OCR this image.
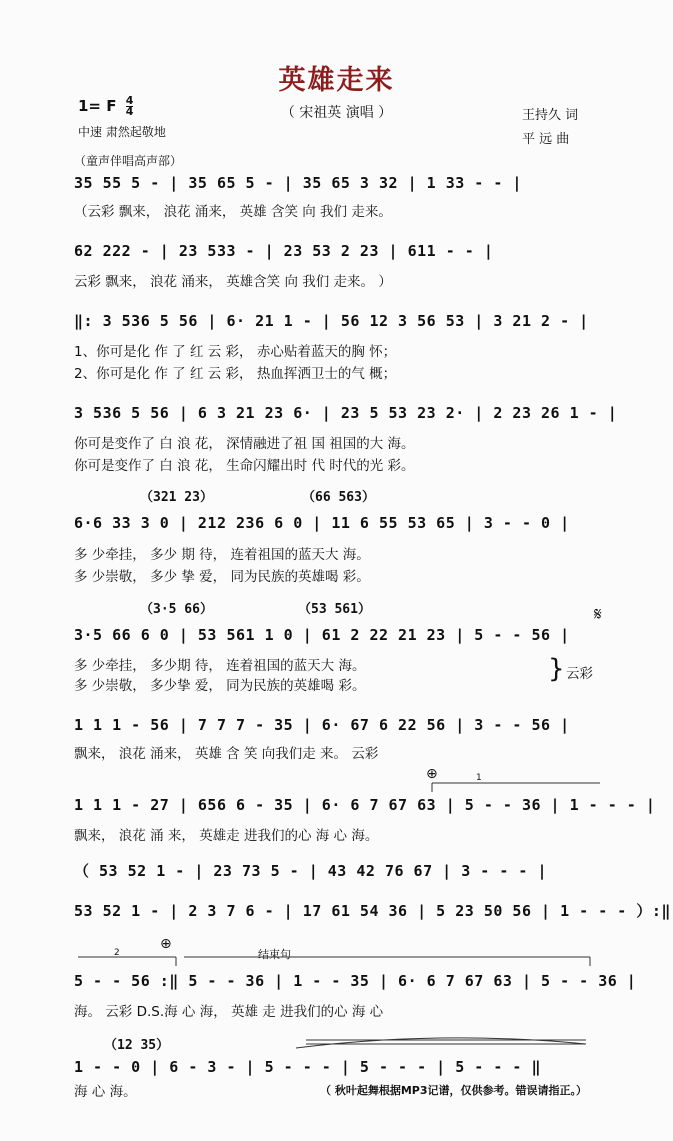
英雄走来
（ 宋祖英 演唱 ）
1= F $\frac{4}{4}$
中速 肃然起敬地
王持久 词
平 远 曲
（童声伴唱高声部）
35 55 5 - | 35 65 5 - | 35 65 3 32 | 1 33 - - |
（云彩 飘来， 浪花 涌来， 英雄 含笑 向 我们 走来。
62 222 - | 23 533 - | 23 53 2 23 | 611 - - |
云彩 飘来， 浪花 涌来， 英雄含笑 向 我们 走来。 ）
‖: 3 536 5 56 | 6· 21 1 - | 56 12 3 56 53 | 3 21 2 - |
1、你可是化 作 了 红 云 彩， 赤心贴着蓝天的胸 怀；
2、你可是化 作 了 红 云 彩， 热血挥洒卫士的气 概；
3 536 5 56 | 6 3 21 23 6· | 23 5 53 23 2· | 2 23 26 1 - |
你可是变作了 白 浪 花， 深情融进了祖 国 祖国的大 海。
你可是变作了 白 浪 花， 生命闪耀出时 代 时代的光 彩。
（321 23）	（66 563）
6·6 33 3 0 | 212 236 6 0 | 11 6 55 53 65 | 3 - - 0 |
多 少牵挂， 多少 期 待， 连着祖国的蓝天大 海。
多 少崇敬， 多少 挚 爱， 同为民族的英雄喝 彩。
（3·5 66）	（53 561）	𝄋
3·5 66 6 0 | 53 561 1 0 | 61 2 22 21 23 | 5 - - 56 |
多 少牵挂， 多少期 待， 连着祖国的蓝天大 海。
多 少崇敬， 多少挚 爱， 同为民族的英雄喝 彩。
} 云彩
1 1 1 - 56 | 7 7 7 - 35 | 6· 67 6 22 56 | 3 - - 56 |
飘来， 浪花 涌来， 英雄 含 笑 向我们走 来。 云彩
⊕	1
1 1 1 - 27 | 656 6 - 35 | 6· 6 7 67 63 | 5 - - 36 | 1 - - - |
飘来， 浪花 涌 来， 英雄走 进我们的心 海 心 海。
（ 53 52 1 - | 23 73 5 - | 43 42 76 67 | 3 - - - |
53 52 1 - | 2 3 7 6 - | 17 61 54 36 | 5 23 50 56 | 1 - - - ）:‖
2
⊕
结束句
5 - - 56 :‖ 5 - - 36 | 1 - - 35 | 6· 6 7 67 63 | 5 - - 36 |
海。 云彩 D.S.海 心 海， 英雄 走 进我们的心 海 心
（12 35）
1 - - 0 | 6 - 3 - | 5 - - - | 5 - - - | 5 - - - ‖
海 心 海。	（ 秋叶起舞根据MP3记谱，仅供参考。错误请指正。）
